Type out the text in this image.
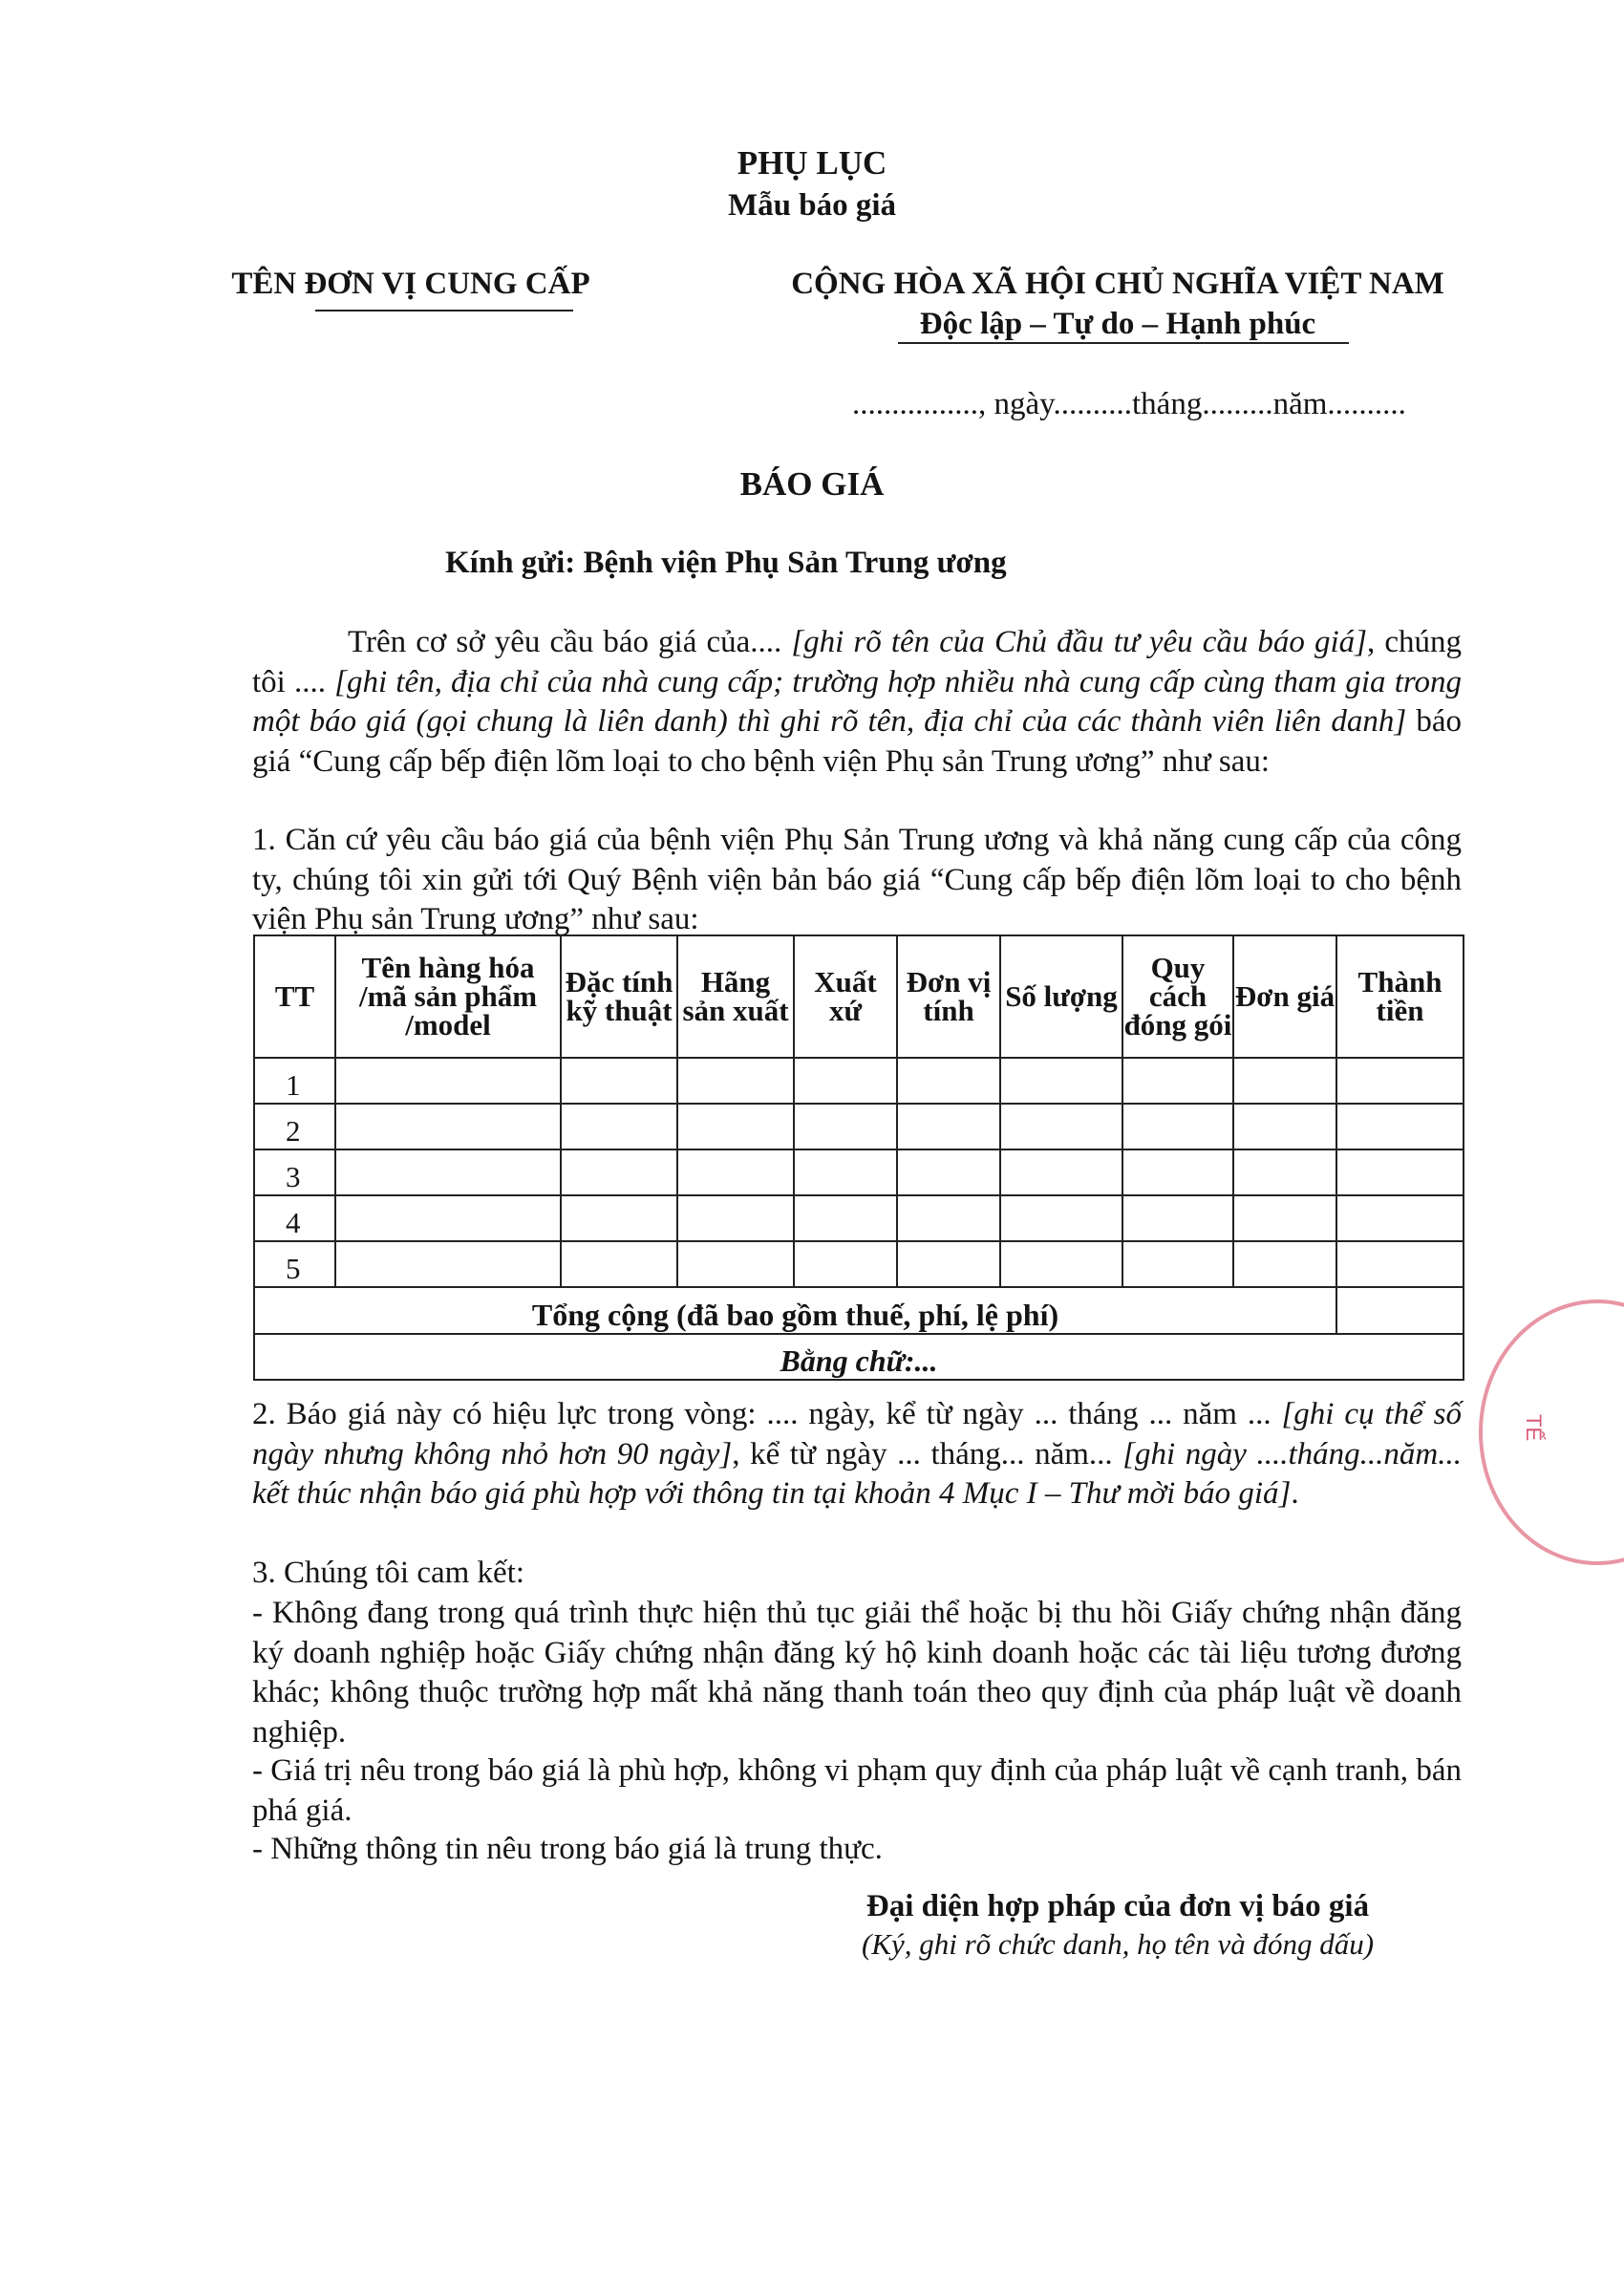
PHỤ LỤC
Mẫu báo giá
TÊN ĐƠN VỊ CUNG CẤP	CỘNG HÒA XÃ HỘI CHỦ NGHĨA VIỆT NAM
Độc lập – Tự do – Hạnh phúc
................, ngày..........tháng.........năm..........
BÁO GIÁ
Kính gửi: Bệnh viện Phụ Sản Trung ương
Trên cơ sở yêu cầu báo giá của.... [ghi rõ tên của Chủ đầu tư yêu cầu báo giá], chúng tôi .... [ghi tên, địa chỉ của nhà cung cấp; trường hợp nhiều nhà cung cấp cùng tham gia trong một báo giá (gọi chung là liên danh) thì ghi rõ tên, địa chỉ của các thành viên liên danh] báo giá “Cung cấp bếp điện lõm loại to cho bệnh viện Phụ sản Trung ương” như sau:
1. Căn cứ yêu cầu báo giá của bệnh viện Phụ Sản Trung ương và khả năng cung cấp của công ty, chúng tôi xin gửi tới Quý Bệnh viện bản báo giá “Cung cấp bếp điện lõm loại to cho bệnh viện Phụ sản Trung ương” như sau:
TT	Tên hàng hóa /mã sản phẩm /model	Đặc tính kỹ thuật	Hãng sản xuất	Xuất xứ	Đơn vị tính	Số lượng	Quy cách đóng gói	Đơn giá	Thành tiền
1									
2									
3									
4									
5									
Tổng cộng (đã bao gồm thuế, phí, lệ phí)									
Bằng chữ:...									
2. Báo giá này có hiệu lực trong vòng: .... ngày, kể từ ngày ... tháng ... năm ... [ghi cụ thể số ngày nhưng không nhỏ hơn 90 ngày], kể từ ngày ... tháng... năm... [ghi ngày ....tháng...năm... kết thúc nhận báo giá phù hợp với thông tin tại khoản 4 Mục I – Thư mời báo giá].
3. Chúng tôi cam kết:
- Không đang trong quá trình thực hiện thủ tục giải thể hoặc bị thu hồi Giấy chứng nhận đăng ký doanh nghiệp hoặc Giấy chứng nhận đăng ký hộ kinh doanh hoặc các tài liệu tương đương khác; không thuộc trường hợp mất khả năng thanh toán theo quy định của pháp luật về doanh nghiệp.
- Giá trị nêu trong báo giá là phù hợp, không vi phạm quy định của pháp luật về cạnh tranh, bán phá giá.
- Những thông tin nêu trong báo giá là trung thực.
Đại diện hợp pháp của đơn vị báo giá
(Ký, ghi rõ chức danh, họ tên và đóng dấu)
TẾ
